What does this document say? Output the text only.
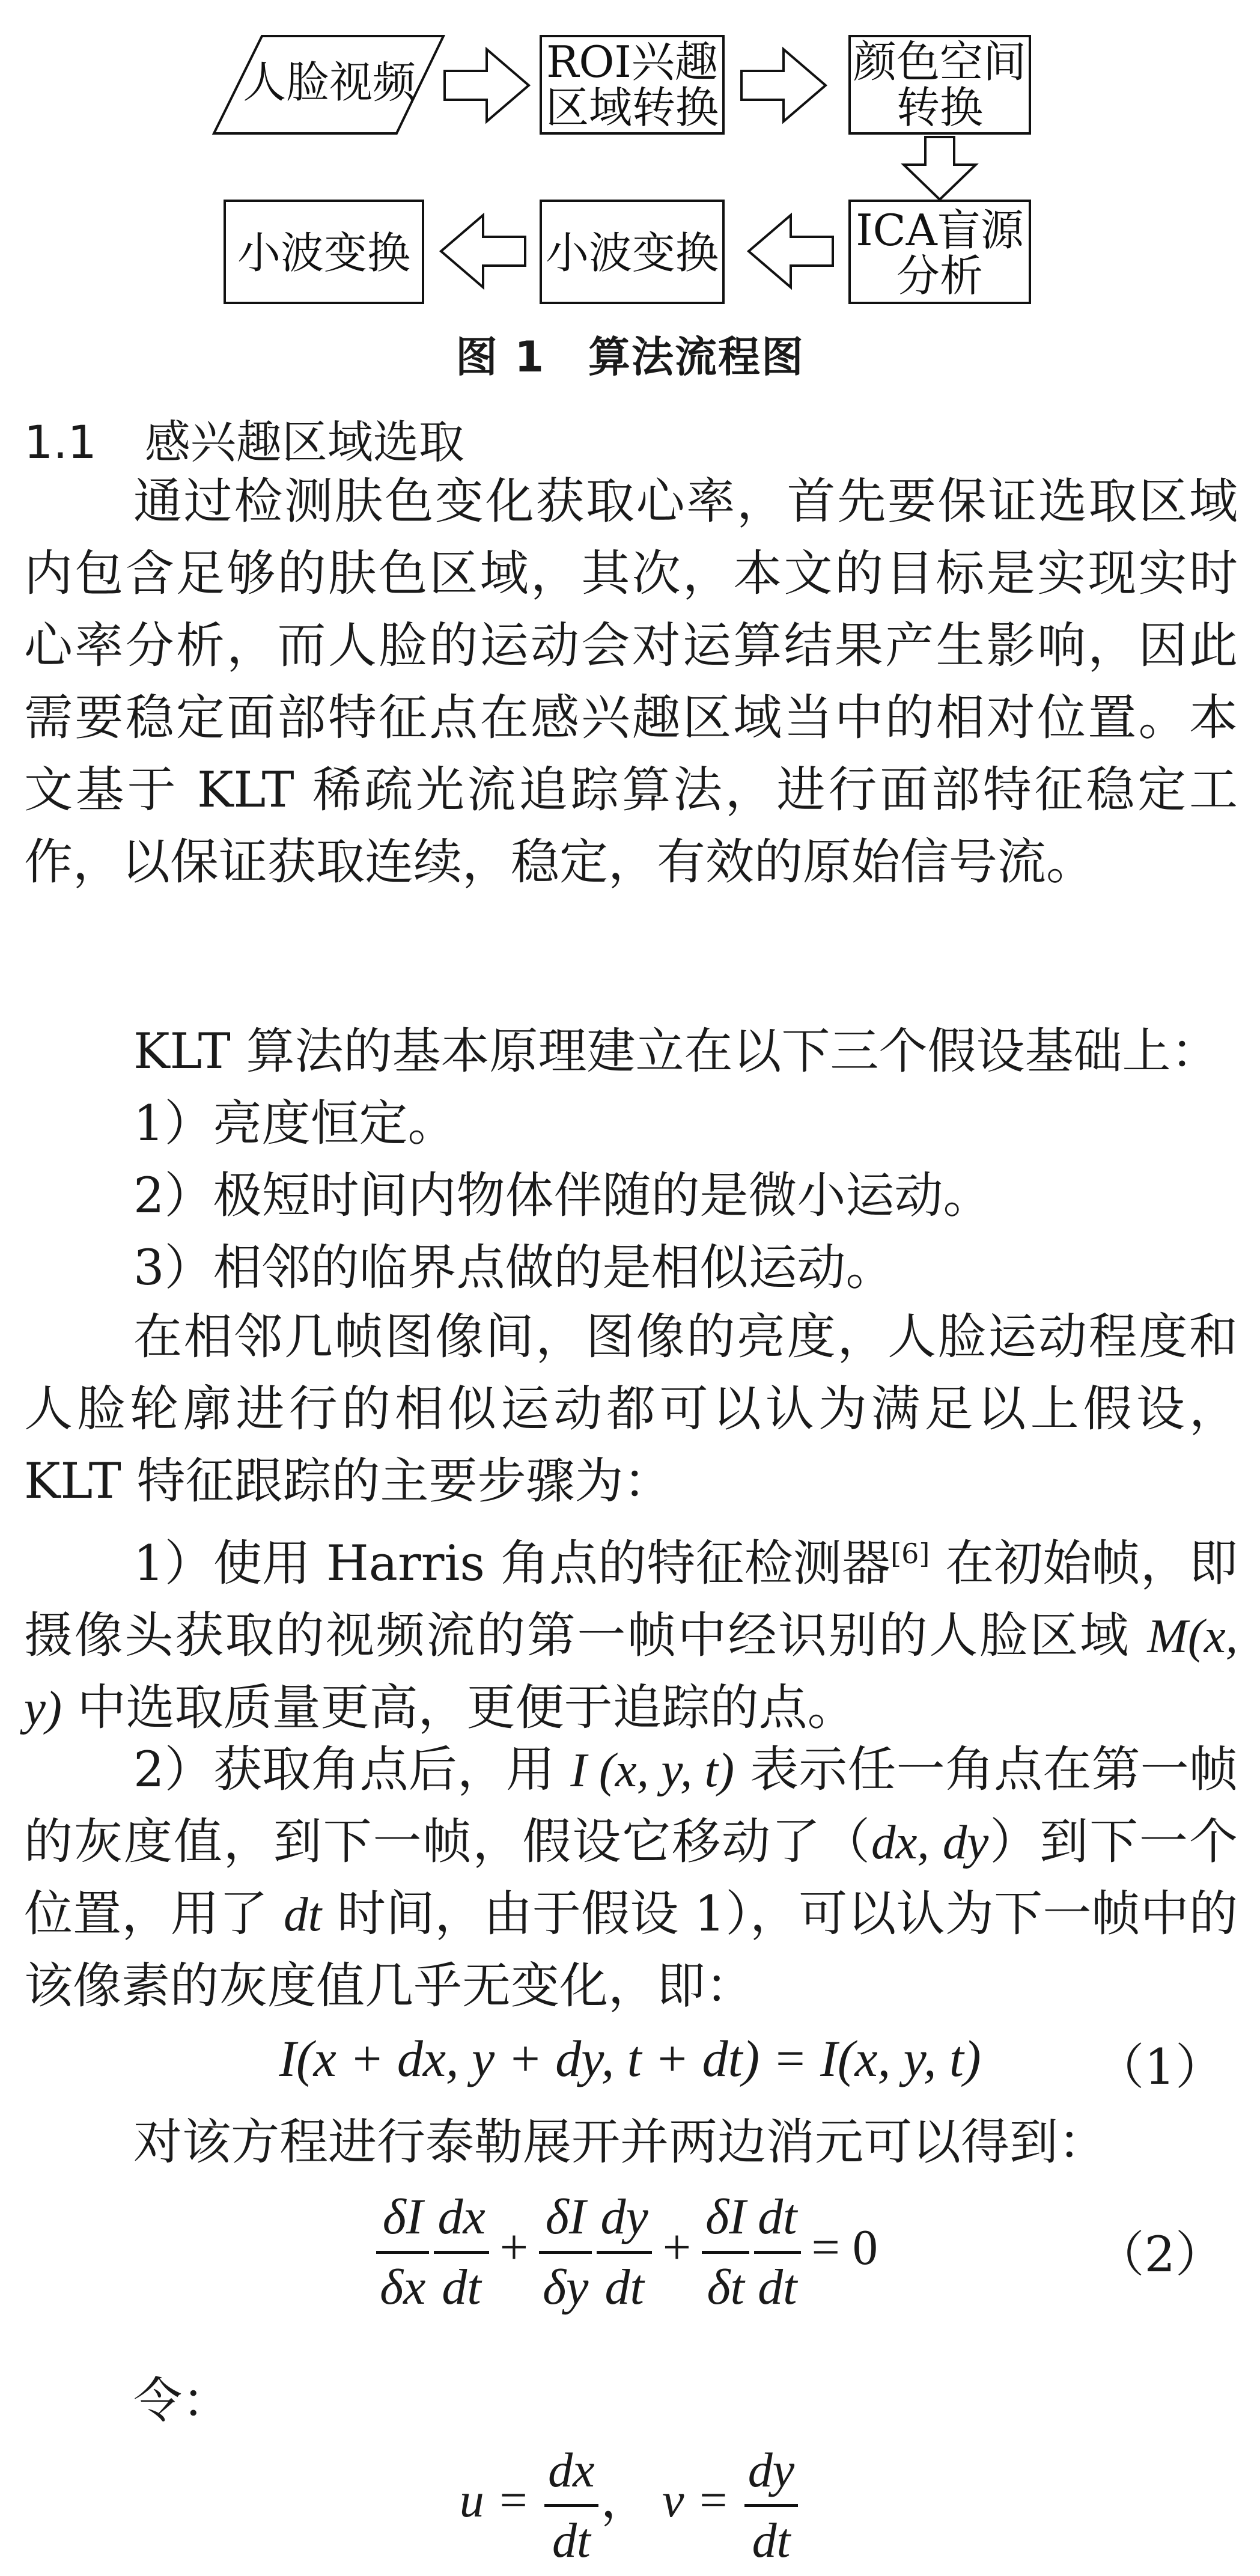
人脸视频	ROI兴趣
区域转换
颜色空间
转换
ICA盲源
分析
小波变换
小波变换
图 1　算法流程图
1.1 感兴趣区域选取

通过检测肤色变化获取心率，首先要保证选取区域内包含足够的肤色区域，其次，本文的目标是实现实时心率分析，而人脸的运动会对运算结果产生影响，因此需要稳定面部特征点在感兴趣区域当中的相对位置。本文基于 KLT 稀疏光流追踪算法，进行面部特征稳定工作，以保证获取连续，稳定，有效的原始信号流。

KLT 算法的基本原理建立在以下三个假设基础上：
1）亮度恒定。
2）极短时间内物体伴随的是微小运动。
3）相邻的临界点做的是相似运动。

在相邻几帧图像间，图像的亮度，人脸运动程度和人脸轮廓进行的相似运动都可以认为满足以上假设，KLT 特征跟踪的主要步骤为：

1）使用 Harris 角点的特征检测器[6] 在初始帧，即摄像头获取的视频流的第一帧中经识别的人脸区域 M(x, y) 中选取质量更高，更便于追踪的点。

2）获取角点后，用 I (x, y, t) 表示任一角点在第一帧的灰度值，到下一帧，假设它移动了（dx, dy）到下一个位置，用了 dt 时间，由于假设 1），可以认为下一帧中的该像素的灰度值几乎无变化，即：

I(x + dx, y + dy, t + dt) = I(x, y, t)	（1）
对该方程进行泰勒展开并两边消元可以得到：
$\frac{\delta I}{\delta x} \frac{dx}{dt} + \frac{\delta I}{\delta y} \frac{dy}{dt} + \frac{\delta I}{\delta t} \frac{dt}{dt} = 0$	（2）
令：
$u = \frac{dx}{dt}$ ， $v = \frac{dy}{dt}$
